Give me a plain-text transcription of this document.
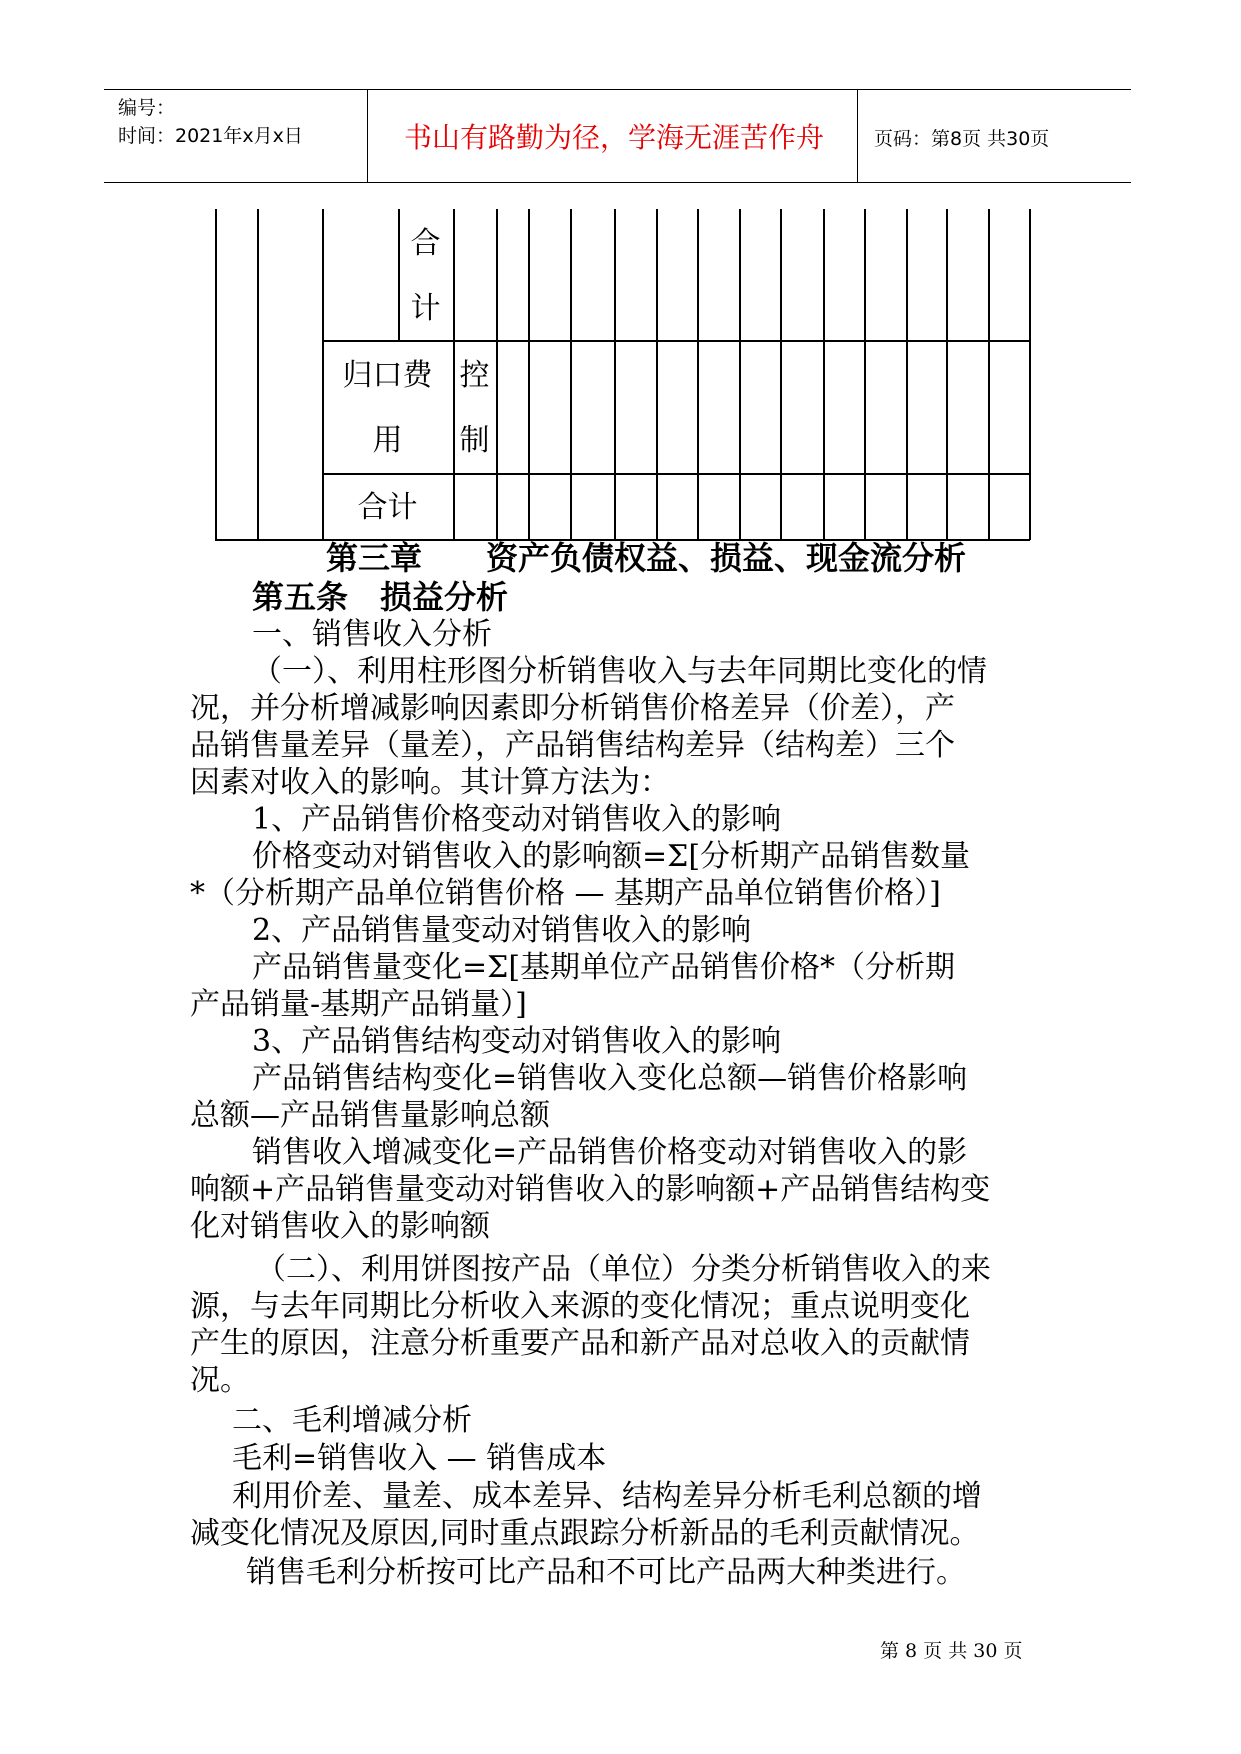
编号：
时间：2021年x月x日	书山有路勤为径，学海无涯苦作舟	页码：第8页 共30页
合
计
归口费
用
控
制
合计
第三章　　资产负债权益、损益、现金流分析
第五条　损益分析
一、销售收入分析
（一）、利用柱形图分析销售收入与去年同期比变化的情
况，并分析增减影响因素即分析销售价格差异（价差），产
品销售量差异（量差），产品销售结构差异（结构差）三个
因素对收入的影响。其计算方法为：
1、产品销售价格变动对销售收入的影响
价格变动对销售收入的影响额=Σ[分析期产品销售数量
*（分析期产品单位销售价格 — 基期产品单位销售价格）]
2、产品销售量变动对销售收入的影响
产品销售量变化=Σ[基期单位产品销售价格*（分析期
产品销量-基期产品销量）]
3、产品销售结构变动对销售收入的影响
产品销售结构变化=销售收入变化总额—销售价格影响
总额—产品销售量影响总额
销售收入增减变化=产品销售价格变动对销售收入的影
响额+产品销售量变动对销售收入的影响额+产品销售结构变
化对销售收入的影响额
（二）、利用饼图按产品（单位）分类分析销售收入的来
源，与去年同期比分析收入来源的变化情况；重点说明变化
产生的原因，注意分析重要产品和新产品对总收入的贡献情
况。
二、毛利增减分析
毛利=销售收入 — 销售成本
利用价差、量差、成本差异、结构差异分析毛利总额的增
减变化情况及原因,同时重点跟踪分析新品的毛利贡献情况。
销售毛利分析按可比产品和不可比产品两大种类进行。
第 8 页 共 30 页
